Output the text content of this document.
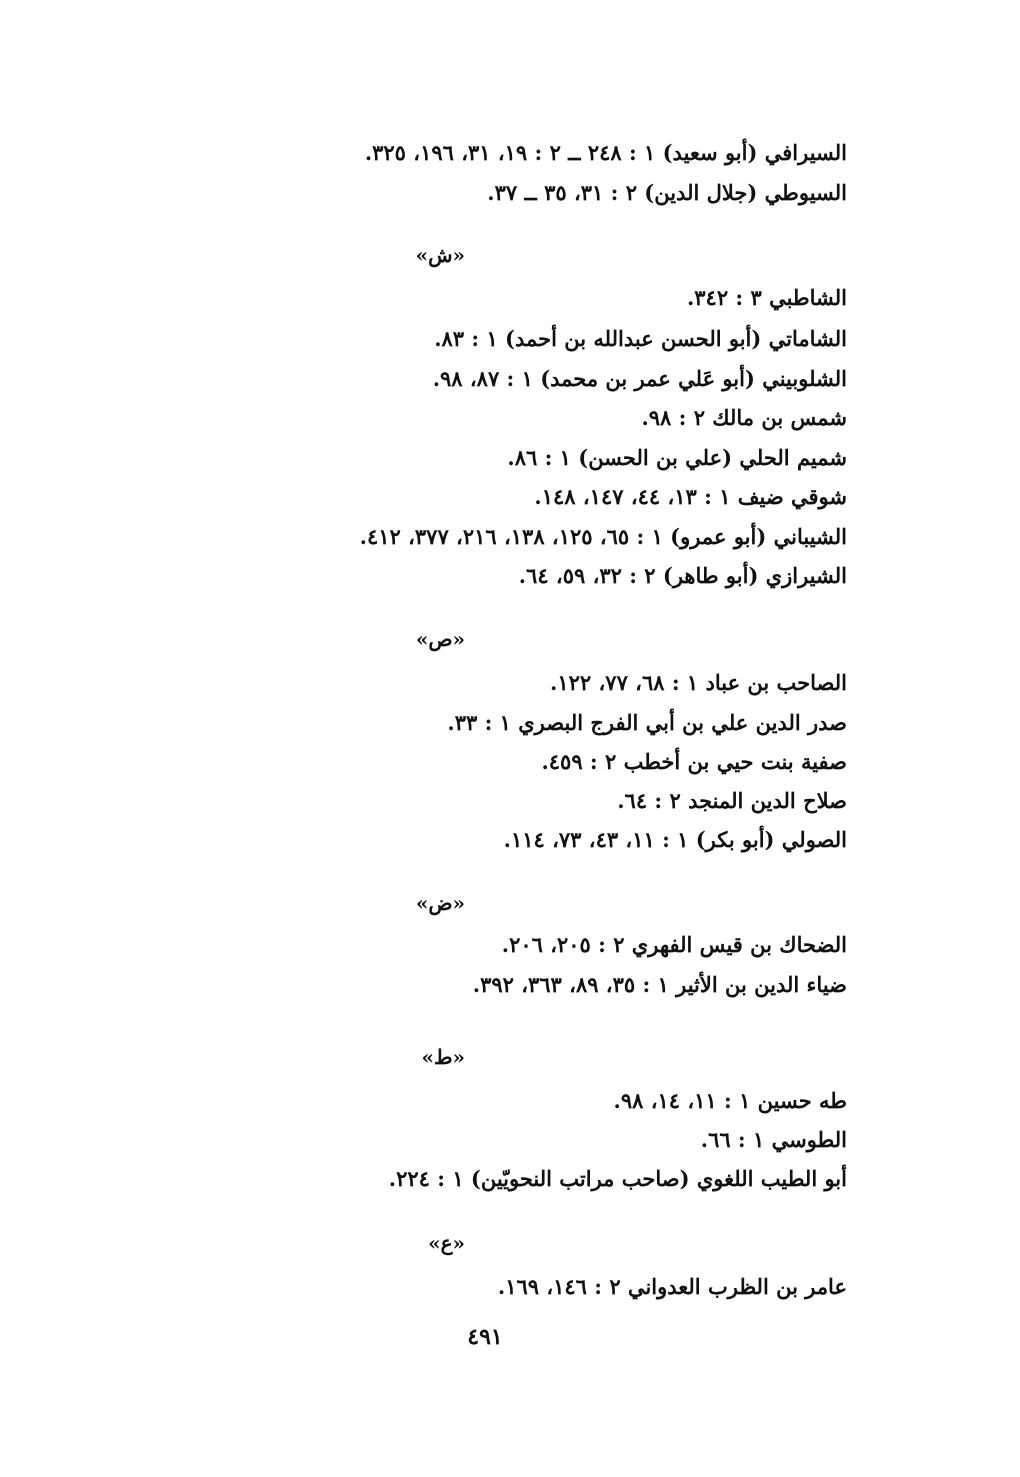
السيرافي (أبو سعيد) ١ : ٢٤٨ ــ ٢ : ١٩، ٣١، ١٩٦، ٣٢٥.
السيوطي (جلال الدين) ٢ : ٣١، ٣٥ ــ ٣٧.
«ش»
الشاطبي ٣ : ٣٤٢.
الشاماتي (أبو الحسن عبدالله بن أحمد) ١ : ٨٣.
الشلوبيني (أبو عَلي عمر بن محمد) ١ : ٨٧، ٩٨.
شمس بن مالك ٢ : ٩٨.
شميم الحلي (علي بن الحسن) ١ : ٨٦.
شوقي ضيف ١ : ١٣، ٤٤، ١٤٧، ١٤٨.
الشيباني (أبو عمرو) ١ : ٦٥، ١٢٥، ١٣٨، ٢١٦، ٣٧٧، ٤١٢.
الشيرازي (أبو طاهر) ٢ : ٣٢، ٥٩، ٦٤.
«ص»
الصاحب بن عباد ١ : ٦٨، ٧٧، ١٢٢.
صدر الدين علي بن أبي الفرج البصري ١ : ٣٣.
صفية بنت حيي بن أخطب ٢ : ٤٥٩.
صلاح الدين المنجد ٢ : ٦٤.
الصولي (أبو بكر) ١ : ١١، ٤٣، ٧٣، ١١٤.
«ض»
الضحاك بن قيس الفهري ٢ : ٢٠٥، ٢٠٦.
ضياء الدين بن الأثير ١ : ٣٥، ٨٩، ٣٦٣، ٣٩٢.
«ط»
طه حسين ١ : ١١، ١٤، ٩٨.
الطوسي ١ : ٦٦.
أبو الطيب اللغوي (صاحب مراتب النحويّين) ١ : ٢٢٤.
«ع»
عامر بن الظرب العدواني ٢ : ١٤٦، ١٦٩.
٤٩١
